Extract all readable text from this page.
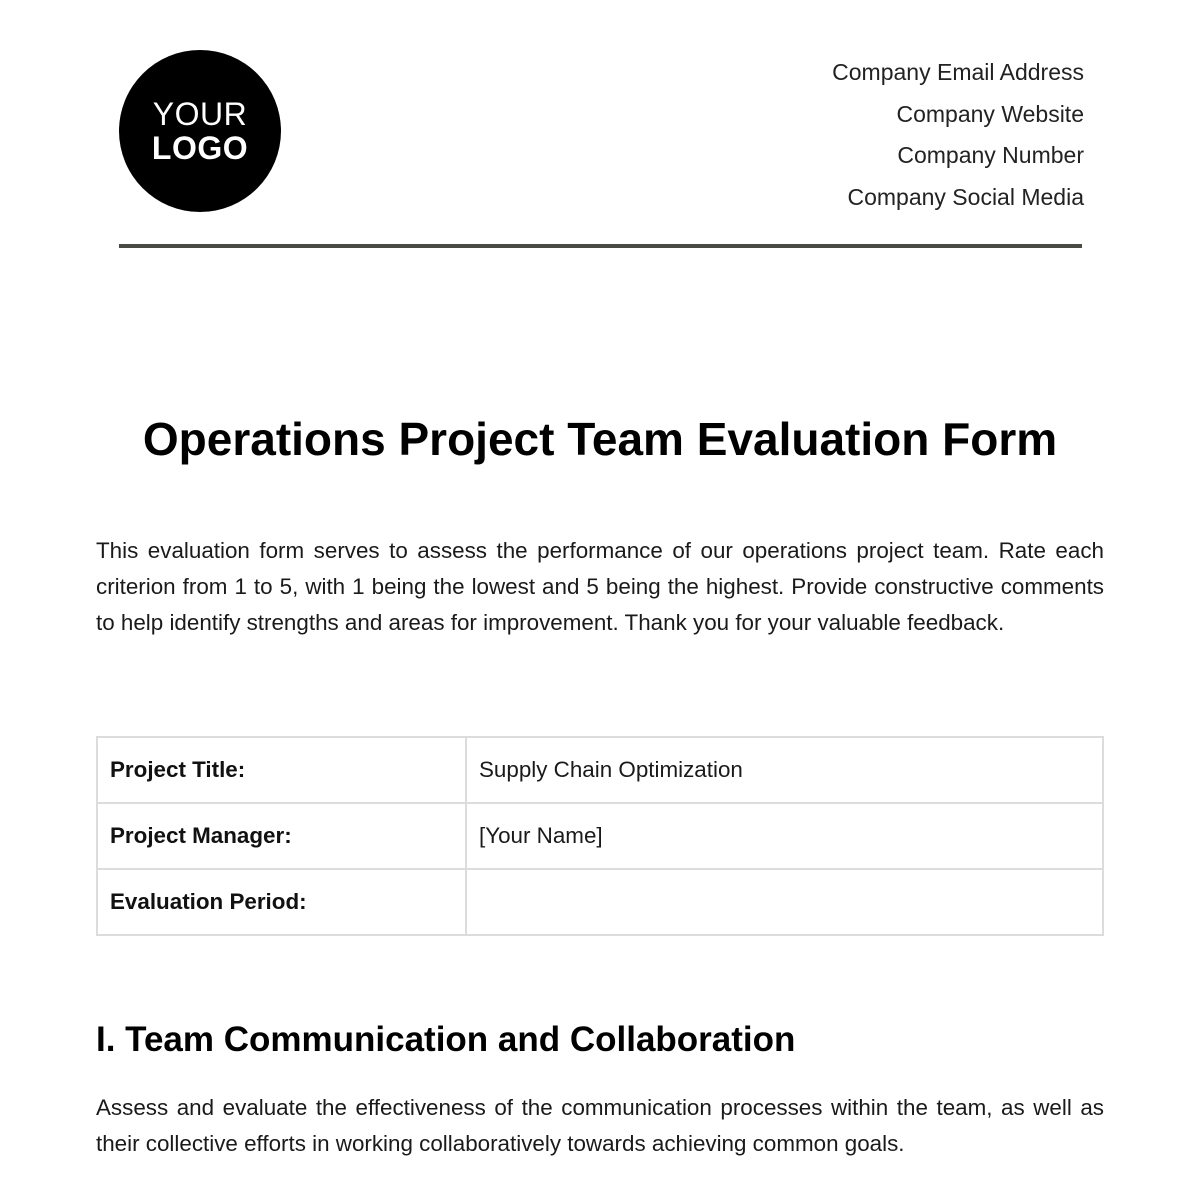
YOUR
LOGO
Company Email Address
Company Website
Company Number
Company Social Media
Operations Project Team Evaluation Form

This evaluation form serves to assess the performance of our operations project team. Rate each criterion from 1 to 5, with 1 being the lowest and 5 being the highest. Provide constructive comments to help identify strengths and areas for improvement. Thank you for your valuable feedback.

Project Title:	Supply Chain Optimization
Project Manager:	[Your Name]
Evaluation Period:	
I. Team Communication and Collaboration

Assess and evaluate the effectiveness of the communication processes within the team, as well as their collective efforts in working collaboratively towards achieving common goals.
